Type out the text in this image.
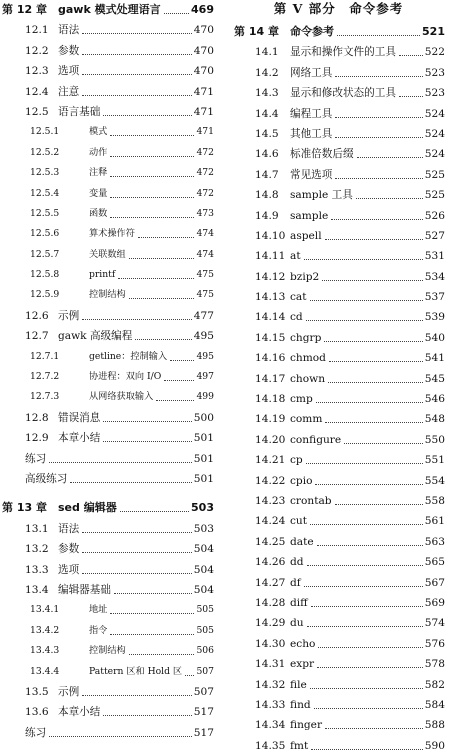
第 12 章 gawk 模式处理语言	469
12.1 语法	470
12.2 参数	470
12.3 选项	470
12.4 注意	471
12.5 语言基础	471
12.5.1	模式	471
12.5.2	动作	472
12.5.3	注释	472
12.5.4	变量	472
12.5.5	函数	473
12.5.6	算术操作符	474
12.5.7	关联数组	474
12.5.8	printf	475
12.5.9	控制结构	475
12.6 示例	477
12.7 gawk 高级编程	495
12.7.1	getline：控制输入	495
12.7.2	协进程：双向 I/O	497
12.7.3	从网络获取输入	499
12.8 错误消息	500
12.9 本章小结	501
练习	501
高级练习	501
第 13 章 sed 编辑器	503
13.1 语法	503
13.2 参数	504
13.3 选项	504
13.4 编辑器基础	504
13.4.1	地址	505
13.4.2	指令	505
13.4.3	控制结构	506
13.4.4	Pattern 区和 Hold 区 507
13.5 示例	507
13.6 本章小结	517
练习	517
第 V 部分　命令参考
第 14 章 命令参考	521
14.1 显示和操作文件的工具	522
14.2 网络工具	523
14.3 显示和修改状态的工具	523
14.4 编程工具	524
14.5 其他工具	524
14.6 标准倍数后缀	524
14.7 常见选项	525
14.8 sample 工具	525
14.9 sample	526
14.10 aspell	527
14.11 at	531
14.12 bzip2	534
14.13 cat	537
14.14 cd	539
14.15 chgrp	540
14.16 chmod	541
14.17 chown	545
14.18 cmp	546
14.19 comm	548
14.20 configure	550
14.21 cp	551
14.22 cpio	554
14.23 crontab	558
14.24 cut	561
14.25 date	563
14.26 dd	565
14.27 df	567
14.28 diff	569
14.29 du	574
14.30 echo	576
14.31 expr	578
14.32 file	582
14.33 find	584
14.34 finger	588
14.35 fmt	590
